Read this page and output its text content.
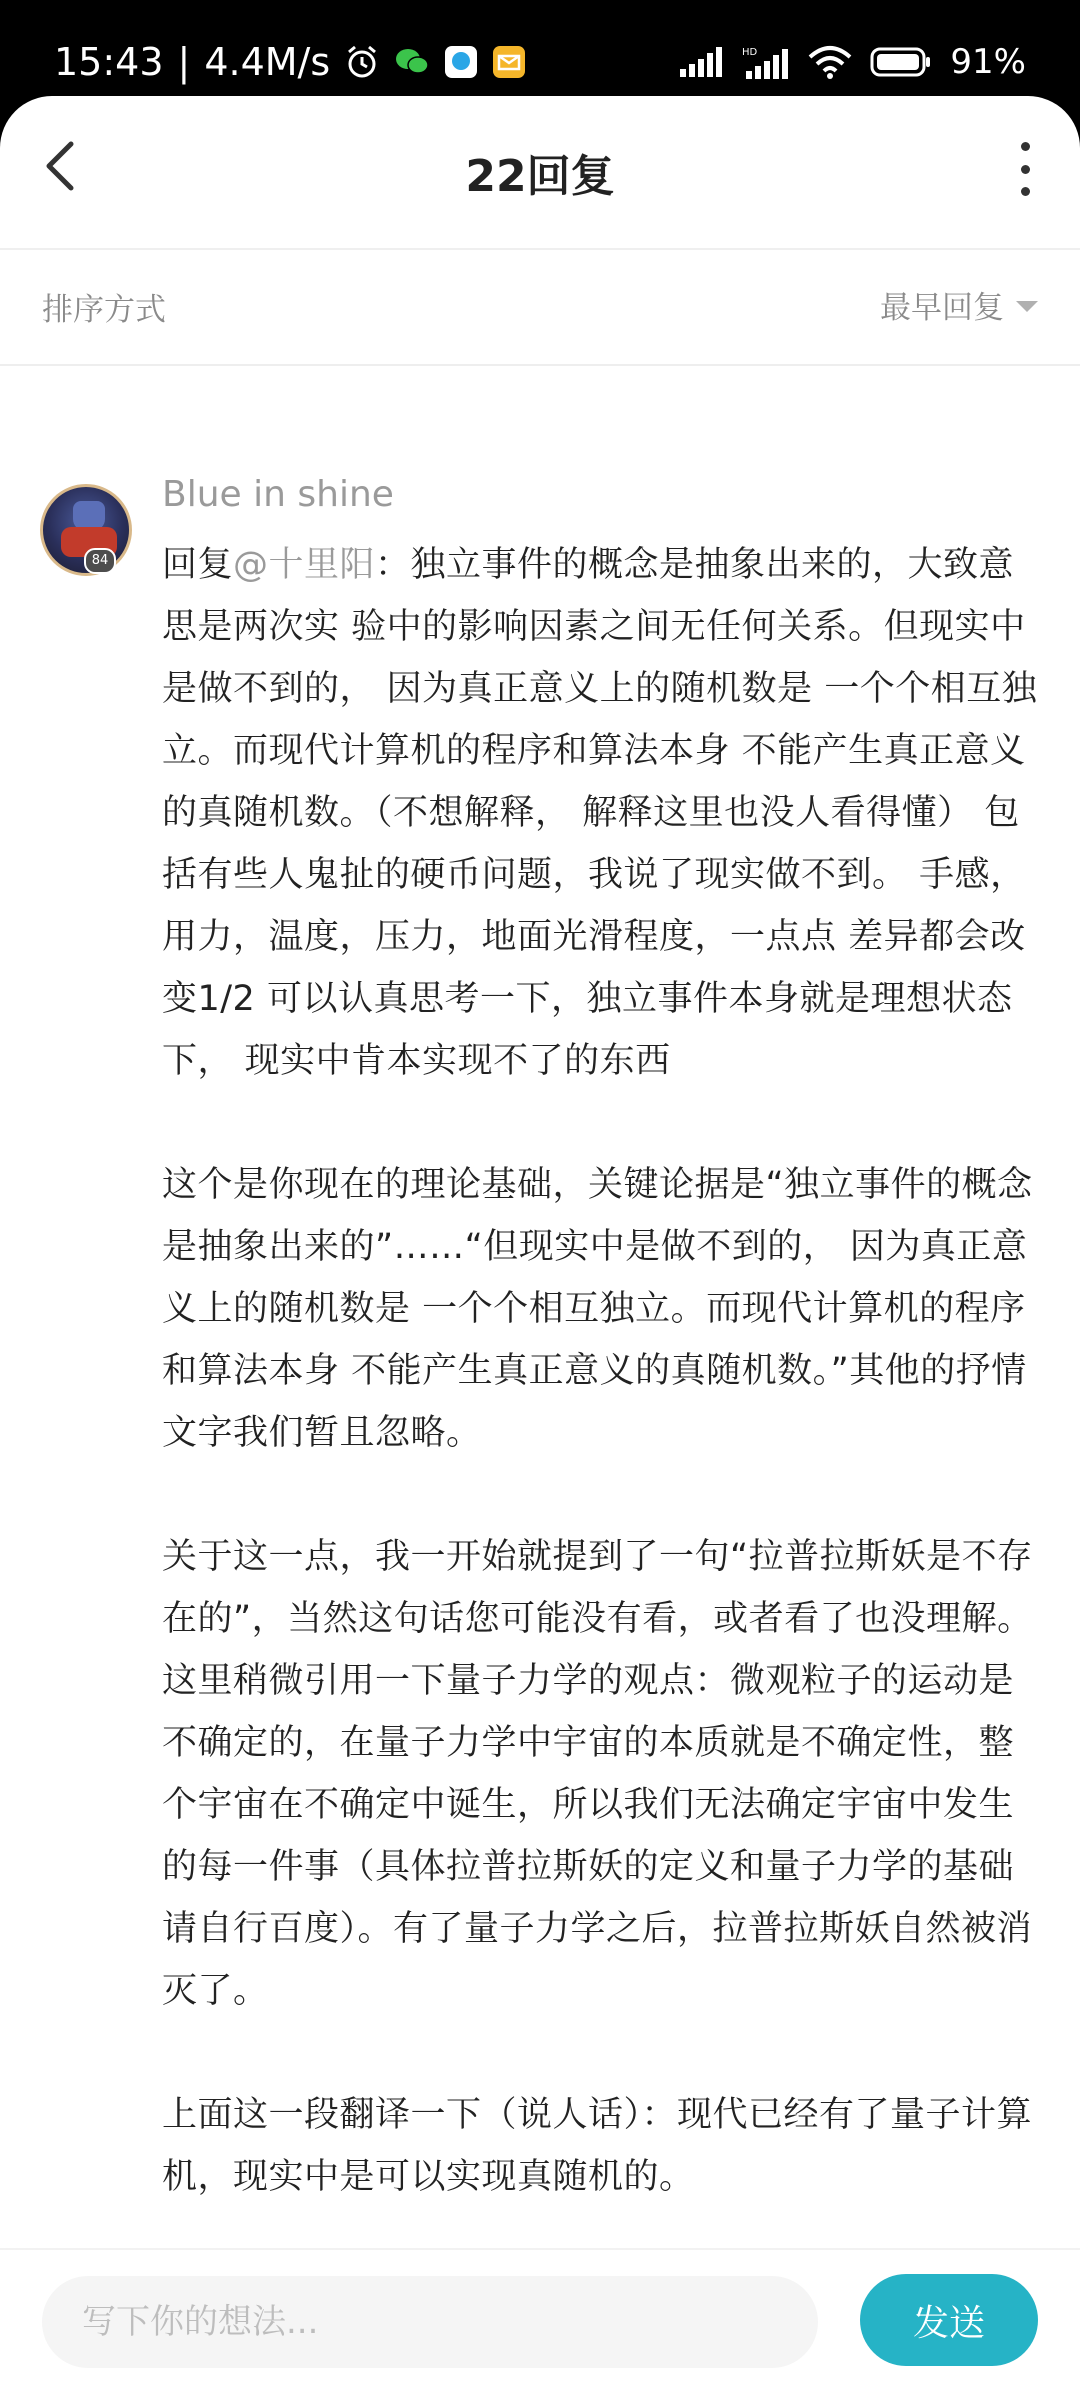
15:43 | 4.4M/s	HD	91%
22回复
排序方式	最早回复
84
Blue in shine

回复@十里阳：独立事件的概念是抽象出来的，大致意思是两次实 验中的影响因素之间无任何关系。但现实中是做不到的， 因为真正意义上的随机数是 一个个相互独立。而现代计算机的程序和算法本身 不能产生真正意义的真随机数。（不想解释， 解释这里也没人看得懂） 包括有些人鬼扯的硬币问题，我说了现实做不到。 手感，用力，温度，压力，地面光滑程度，一点点 差异都会改变1/2 可以认真思考一下，独立事件本身就是理想状态 下， 现实中肯本实现不了的东西

这个是你现在的理论基础，关键论据是“独立事件的概念是抽象出来的”……“但现实中是做不到的， 因为真正意义上的随机数是 一个个相互独立。而现代计算机的程序和算法本身 不能产生真正意义的真随机数。”其他的抒情文字我们暂且忽略。

关于这一点，我一开始就提到了一句“拉普拉斯妖是不存在的”，当然这句话您可能没有看，或者看了也没理解。这里稍微引用一下量子力学的观点：微观粒子的运动是不确定的，在量子力学中宇宙的本质就是不确定性，整个宇宙在不确定中诞生，所以我们无法确定宇宙中发生的每一件事（具体拉普拉斯妖的定义和量子力学的基础请自行百度）。有了量子力学之后，拉普拉斯妖自然被消灭了。

上面这一段翻译一下（说人话）：现代已经有了量子计算机，现实中是可以实现真随机的。

写下你的想法...
发送
